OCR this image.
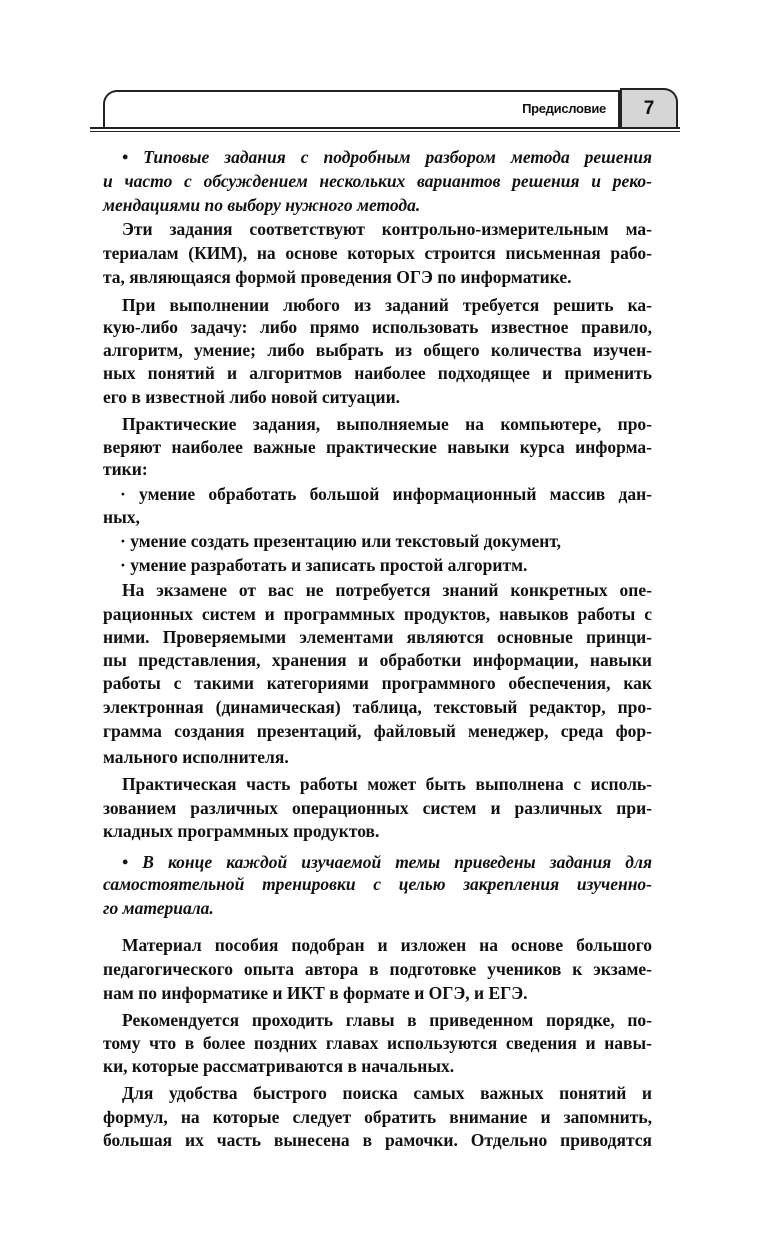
Предисловие	7
• Типовые задания с подробным разбором метода решения
и часто с обсуждением нескольких вариантов решения и реко-
мендациями по выбору нужного метода.
Эти задания соответствуют контрольно-измерительным ма-
териалам (КИМ), на основе которых строится письменная рабо-
та, являющаяся формой проведения ОГЭ по информатике.
При выполнении любого из заданий требуется решить ка-
кую-либо задачу: либо прямо использовать известное правило,
алгоритм, умение; либо выбрать из общего количества изучен-
ных понятий и алгоритмов наиболее подходящее и применить
его в известной либо новой ситуации.
Практические задания, выполняемые на компьютере, про-
веряют наиболее важные практические навыки курса информа-
тики:
· умение обработать большой информационный массив дан-
ных,
· умение создать презентацию или текстовый документ,
· умение разработать и записать простой алгоритм.
На экзамене от вас не потребуется знаний конкретных опе-
рационных систем и программных продуктов, навыков работы с
ними. Проверяемыми элементами являются основные принци-
пы представления, хранения и обработки информации, навыки
работы с такими категориями программного обеспечения, как
электронная (динамическая) таблица, текстовый редактор, про-
грамма создания презентаций, файловый менеджер, среда фор-
мального исполнителя.
Практическая часть работы может быть выполнена с исполь-
зованием различных операционных систем и различных при-
кладных программных продуктов.
• В конце каждой изучаемой темы приведены задания для
самостоятельной тренировки с целью закрепления изученно-
го материала.
Материал пособия подобран и изложен на основе большого
педагогического опыта автора в подготовке учеников к экзаме-
нам по информатике и ИКТ в формате и ОГЭ, и ЕГЭ.
Рекомендуется проходить главы в приведенном порядке, по-
тому что в более поздних главах используются сведения и навы-
ки, которые рассматриваются в начальных.
Для удобства быстрого поиска самых важных понятий и
формул, на которые следует обратить внимание и запомнить,
большая их часть вынесена в рамочки. Отдельно приводятся
